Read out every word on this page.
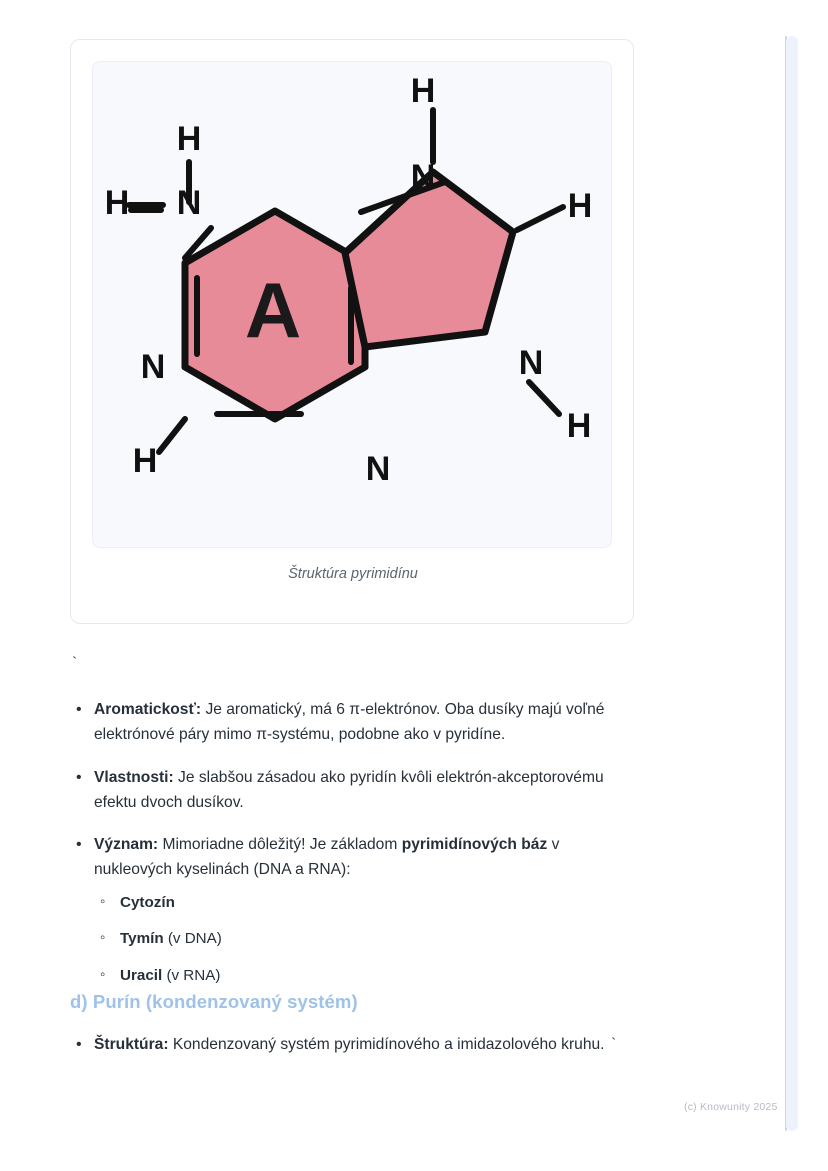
H
N
H
H
N
H
N
H	N
N
H
A
Štruktúra pyrimidínu
`
• Aromatickosť: Je aromatický, má 6 π-elektrónov. Oba dusíky majú voľné elektrónové páry mimo π-systému, podobne ako v pyridíne.
• Vlastnosti: Je slabšou zásadou ako pyridín kvôli elektrón-akceptorovému efektu dvoch dusíkov.
• Význam: Mimoriadne dôležitý! Je základom pyrimidínových báz v nukleových kyselinách (DNA a RNA):
◦ Cytozín
◦ Tymín (v DNA)
◦ Uracil (v RNA)
d) Purín (kondenzovaný systém)
• Štruktúra: Kondenzovaný systém pyrimidínového a imidazolového kruhu. `
(c) Knowunity 2025
